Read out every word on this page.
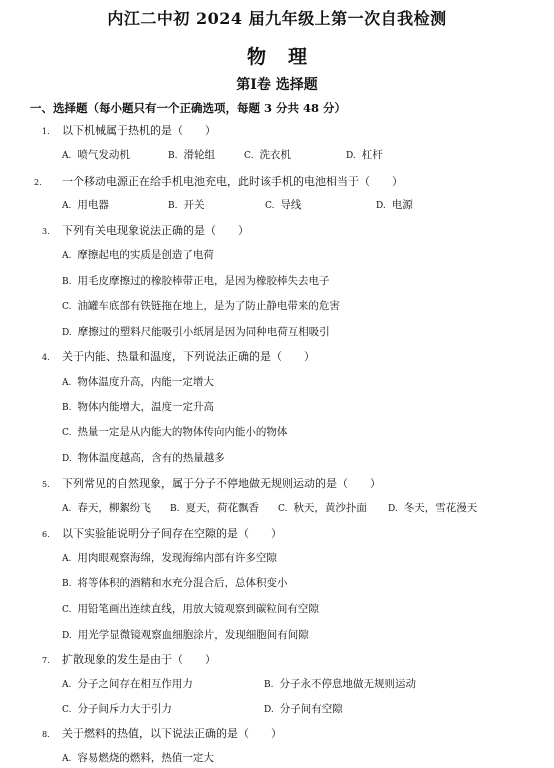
内江二中初 2024 届九年级上第一次自我检测
物理
第Ⅰ卷 选择题
一、选择题（每小题只有一个正确选项，每题 3 分共 48 分）
1. 以下机械属于热机的是（　　）
A. 喷气发动机	B. 滑轮组	C. 洗衣机	D. 杠杆
2. 一个移动电源正在给手机电池充电，此时该手机的电池相当于（　　）
A. 用电器	B. 开关	C. 导线	D. 电源
3. 下列有关电现象说法正确的是（　　）
A. 摩擦起电的实质是创造了电荷
B. 用毛皮摩擦过的橡胶棒带正电，是因为橡胶棒失去电子
C. 油罐车底部有铁链拖在地上，是为了防止静电带来的危害
D. 摩擦过的塑料尺能吸引小纸屑是因为同种电荷互相吸引
4. 关于内能、热量和温度，下列说法正确的是（　　）
A. 物体温度升高，内能一定增大
B. 物体内能增大，温度一定升高
C. 热量一定是从内能大的物体传向内能小的物体
D. 物体温度越高，含有的热量越多
5. 下列常见的自然现象，属于分子不停地做无规则运动的是（　　）
A. 春天，柳絮纷飞 B. 夏天，荷花飘香 C. 秋天，黄沙扑面 D. 冬天，雪花漫天
6. 以下实验能说明分子间存在空隙的是（　　）
A. 用肉眼观察海绵，发现海绵内部有许多空隙
B. 将等体积的酒精和水充分混合后，总体积变小
C. 用铅笔画出连续直线，用放大镜观察到碳粒间有空隙
D. 用光学显微镜观察血细胞涂片，发现细胞间有间隙
7. 扩散现象的发生是由于（　　）
A. 分子之间存在相互作用力	B. 分子永不停息地做无规则运动
C. 分子间斥力大于引力	D. 分子间有空隙
8. 关于燃料的热值，以下说法正确的是（　　）
A. 容易燃烧的燃料，热值一定大
